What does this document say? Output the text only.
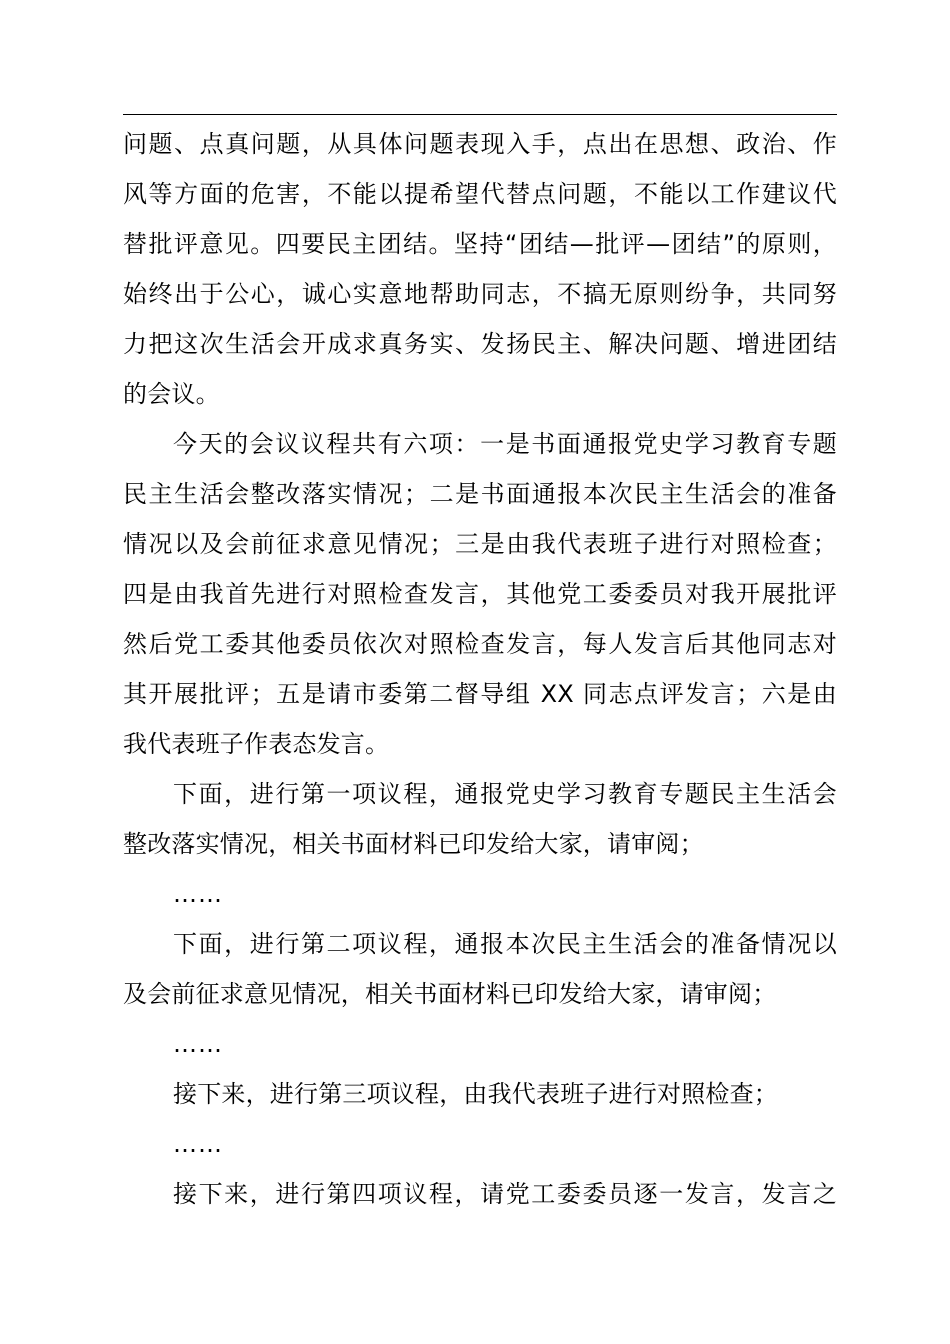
问题、点真问题，从具体问题表现入手，点出在思想、政治、作
风等方面的危害，不能以提希望代替点问题，不能以工作建议代
替批评意见。四要民主团结。坚持“团结—批评—团结”的原则，
始终出于公心，诚心实意地帮助同志，不搞无原则纷争，共同努
力把这次生活会开成求真务实、发扬民主、解决问题、增进团结
的会议。
今天的会议议程共有六项：一是书面通报党史学习教育专题
民主生活会整改落实情况；二是书面通报本次民主生活会的准备
情况以及会前征求意见情况；三是由我代表班子进行对照检查；
四是由我首先进行对照检查发言，其他党工委委员对我开展批评
然后党工委其他委员依次对照检查发言，每人发言后其他同志对
其开展批评；五是请市委第二督导组 XX 同志点评发言；六是由
我代表班子作表态发言。
下面，进行第一项议程，通报党史学习教育专题民主生活会
整改落实情况，相关书面材料已印发给大家，请审阅；
……
下面，进行第二项议程，通报本次民主生活会的准备情况以
及会前征求意见情况，相关书面材料已印发给大家，请审阅；
……
接下来，进行第三项议程，由我代表班子进行对照检查；
……
接下来，进行第四项议程，请党工委委员逐一发言，发言之
